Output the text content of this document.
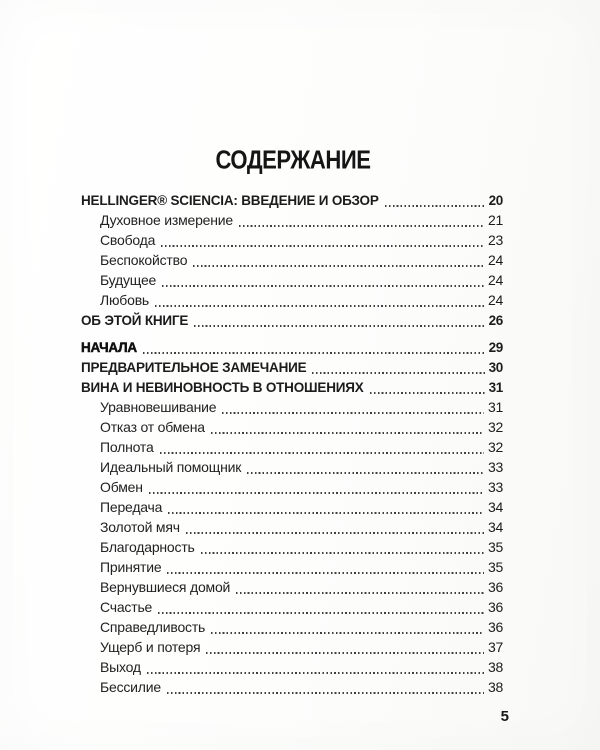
СОДЕРЖАНИЕ
HELLINGER® SCIENCIA: ВВЕДЕНИЕ И ОБЗОР	20
Духовное измерение	21
Свобода	23
Беспокойство	24
Будущее	24
Любовь	24
ОБ ЭТОЙ КНИГЕ	26
НАЧАЛА	29
ПРЕДВАРИТЕЛЬНОЕ ЗАМЕЧАНИЕ	30
ВИНА И НЕВИНОВНОСТЬ В ОТНОШЕНИЯХ	31
Уравновешивание	31
Отказ от обмена	32
Полнота	32
Идеальный помощник	33
Обмен	33
Передача	34
Золотой мяч	34
Благодарность	35
Принятие	35
Вернувшиеся домой	36
Счастье	36
Справедливость	36
Ущерб и потеря	37
Выход	38
Бессилие	38
5
